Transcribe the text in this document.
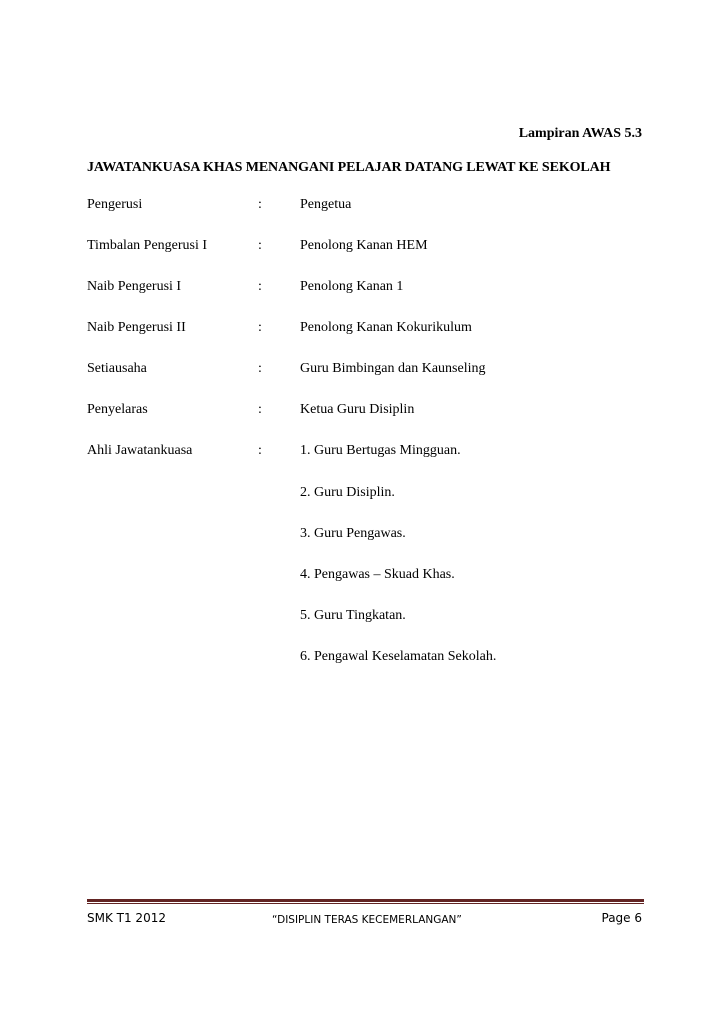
Lampiran AWAS 5.3
JAWATANKUASA KHAS MENANGANI PELAJAR DATANG LEWAT KE SEKOLAH
Pengerusi	:	Pengetua
Timbalan Pengerusi I	:	Penolong Kanan HEM
Naib Pengerusi I	:	Penolong Kanan 1
Naib Pengerusi II	:	Penolong Kanan Kokurikulum
Setiausaha	:	Guru Bimbingan dan Kaunseling
Penyelaras	:	Ketua Guru Disiplin
Ahli Jawatankuasa	:	1. Guru Bertugas Mingguan.
2. Guru Disiplin.
3. Guru Pengawas.
4. Pengawas – Skuad Khas.
5. Guru Tingkatan.
6. Pengawal Keselamatan Sekolah.
SMK T1 2012	“DISIPLIN TERAS KECEMERLANGAN”	Page 6
